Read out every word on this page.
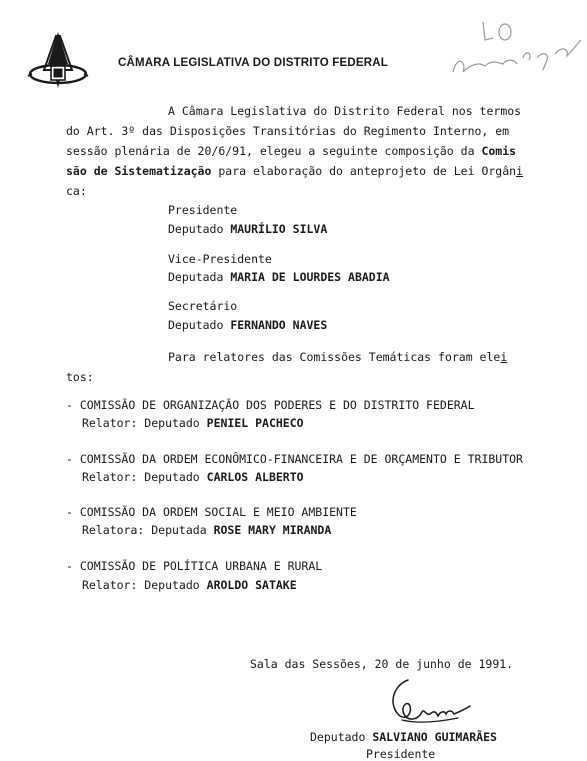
CÂMARA LEGISLATIVA DO DISTRITO FEDERAL
A Câmara Legislativa do Distrito Federal nos termos
do Art. 3º das Disposições Transitórias do Regimento Interno, em
sessão plenária de 20/6/91, elegeu a seguinte composição da Comis
são de Sistematização para elaboração do anteprojeto de Lei Orgâni
ca:
Presidente
Deputado MAURÍLIO SILVA
Vice-Presidente
Deputada MARIA DE LOURDES ABADIA
Secretário
Deputado FERNANDO NAVES
Para relatores das Comissões Temáticas foram elei
tos:
- COMISSÃO DE ORGANIZAÇÃO DOS PODERES E DO DISTRITO FEDERAL
Relator: Deputado PENIEL PACHECO
- COMISSÃO DA ORDEM ECONÔMICO-FINANCEIRA E DE ORÇAMENTO E TRIBUTOR
Relator: Deputado CARLOS ALBERTO
- COMISSÃO DA ORDEM SOCIAL E MEIO AMBIENTE
Relatora: Deputada ROSE MARY MIRANDA
- COMISSÃO DE POLÍTICA URBANA E RURAL
Relator: Deputado AROLDO SATAKE
Sala das Sessões, 20 de junho de 1991.
Deputado SALVIANO GUIMARÃES
Presidente
